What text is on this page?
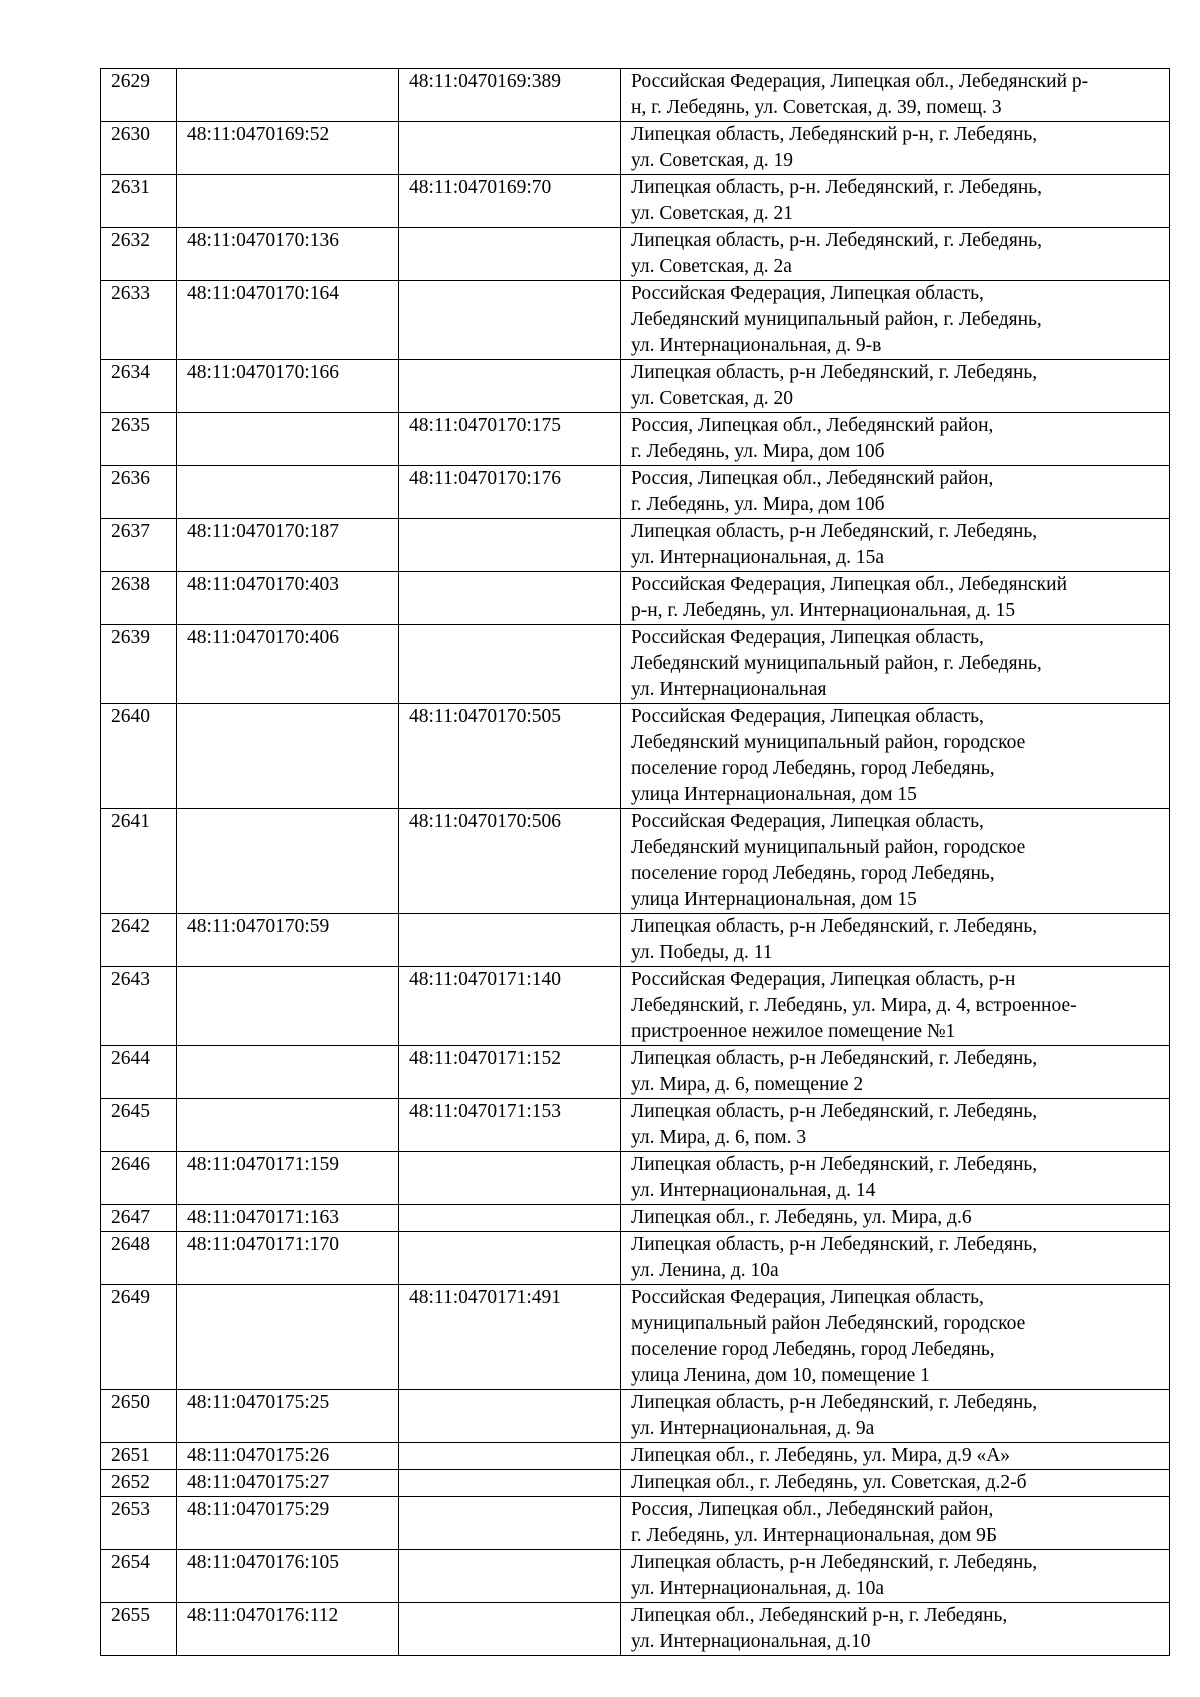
2629		48:11:0470169:389	Российская Федерация, Липецкая обл., Лебедянский р-
н, г. Лебедянь, ул. Советская, д. 39, помещ. 3
2630	48:11:0470169:52		Липецкая область, Лебедянский р-н, г. Лебедянь,
ул. Советская, д. 19
2631		48:11:0470169:70	Липецкая область, р-н. Лебедянский, г. Лебедянь,
ул. Советская, д. 21
2632	48:11:0470170:136		Липецкая область, р-н. Лебедянский, г. Лебедянь,
ул. Советская, д. 2а
2633	48:11:0470170:164		Российская Федерация, Липецкая область,
Лебедянский муниципальный район, г. Лебедянь,
ул. Интернациональная, д. 9-в
2634	48:11:0470170:166		Липецкая область, р-н Лебедянский, г. Лебедянь,
ул. Советская, д. 20
2635		48:11:0470170:175	Россия, Липецкая обл., Лебедянский район,
г. Лебедянь, ул. Мира, дом 10б
2636		48:11:0470170:176	Россия, Липецкая обл., Лебедянский район,
г. Лебедянь, ул. Мира, дом 10б
2637	48:11:0470170:187		Липецкая область, р-н Лебедянский, г. Лебедянь,
ул. Интернациональная, д. 15а
2638	48:11:0470170:403		Российская Федерация, Липецкая обл., Лебедянский
р-н, г. Лебедянь, ул. Интернациональная, д. 15
2639	48:11:0470170:406		Российская Федерация, Липецкая область,
Лебедянский муниципальный район, г. Лебедянь,
ул. Интернациональная
2640		48:11:0470170:505	Российская Федерация, Липецкая область,
Лебедянский муниципальный район, городское
поселение город Лебедянь, город Лебедянь,
улица Интернациональная, дом 15
2641		48:11:0470170:506	Российская Федерация, Липецкая область,
Лебедянский муниципальный район, городское
поселение город Лебедянь, город Лебедянь,
улица Интернациональная, дом 15
2642	48:11:0470170:59		Липецкая область, р-н Лебедянский, г. Лебедянь,
ул. Победы, д. 11
2643		48:11:0470171:140	Российская Федерация, Липецкая область, р-н
Лебедянский, г. Лебедянь, ул. Мира, д. 4, встроенное-
пристроенное нежилое помещение №1
2644		48:11:0470171:152	Липецкая область, р-н Лебедянский, г. Лебедянь,
ул. Мира, д. 6, помещение 2
2645		48:11:0470171:153	Липецкая область, р-н Лебедянский, г. Лебедянь,
ул. Мира, д. 6, пом. 3
2646	48:11:0470171:159		Липецкая область, р-н Лебедянский, г. Лебедянь,
ул. Интернациональная, д. 14
2647	48:11:0470171:163		Липецкая обл., г. Лебедянь, ул. Мира, д.6
2648	48:11:0470171:170		Липецкая область, р-н Лебедянский, г. Лебедянь,
ул. Ленина, д. 10а
2649		48:11:0470171:491	Российская Федерация, Липецкая область,
муниципальный район Лебедянский, городское
поселение город Лебедянь, город Лебедянь,
улица Ленина, дом 10, помещение 1
2650	48:11:0470175:25		Липецкая область, р-н Лебедянский, г. Лебедянь,
ул. Интернациональная, д. 9а
2651	48:11:0470175:26		Липецкая обл., г. Лебедянь, ул. Мира, д.9 «А»
2652	48:11:0470175:27		Липецкая обл., г. Лебедянь, ул. Советская, д.2-б
2653	48:11:0470175:29		Россия, Липецкая обл., Лебедянский район,
г. Лебедянь, ул. Интернациональная, дом 9Б
2654	48:11:0470176:105		Липецкая область, р-н Лебедянский, г. Лебедянь,
ул. Интернациональная, д. 10а
2655	48:11:0470176:112		Липецкая обл., Лебедянский р-н, г. Лебедянь,
ул. Интернациональная, д.10
